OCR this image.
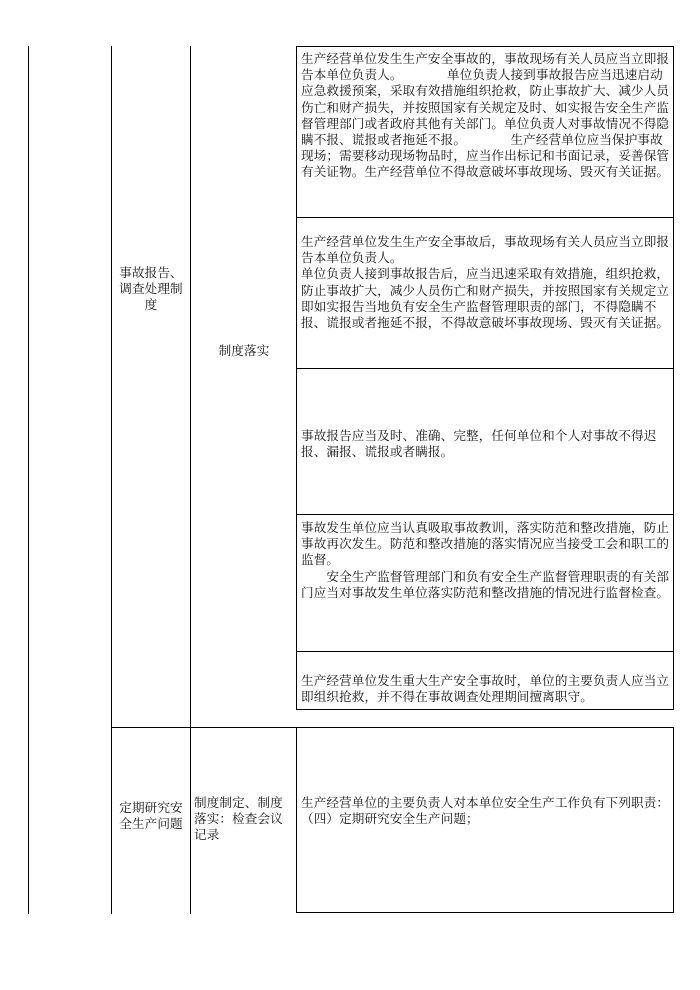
事故报告、调查处理制度

制度落实

生产经营单位发生生产安全事故的，事故现场有关人员应当立即报告本单位负责人。　　　　单位负责人接到事故报告应当迅速启动应急救援预案，采取有效措施组织抢救，防止事故扩大、减少人员伤亡和财产损失，并按照国家有关规定及时、如实报告安全生产监督管理部门或者政府其他有关部门。单位负责人对事故情况不得隐瞒不报、谎报或者拖延不报。　　　　生产经营单位应当保护事故现场；需要移动现场物品时，应当作出标记和书面记录，妥善保管有关证物。生产经营单位不得故意破坏事故现场、毁灭有关证据。

生产经营单位发生生产安全事故后，事故现场有关人员应当立即报告本单位负责人。

单位负责人接到事故报告后，应当迅速采取有效措施，组织抢救，防止事故扩大，减少人员伤亡和财产损失，并按照国家有关规定立即如实报告当地负有安全生产监督管理职责的部门，不得隐瞒不报、谎报或者拖延不报，不得故意破坏事故现场、毁灭有关证据。

事故报告应当及时、准确、完整，任何单位和个人对事故不得迟报、漏报、谎报或者瞒报。

事故发生单位应当认真吸取事故教训，落实防范和整改措施，防止事故再次发生。防范和整改措施的落实情况应当接受工会和职工的监督。

　　安全生产监督管理部门和负有安全生产监督管理职责的有关部门应当对事故发生单位落实防范和整改措施的情况进行监督检查。

生产经营单位发生重大生产安全事故时，单位的主要负责人应当立即组织抢救，并不得在事故调查处理期间擅离职守。

定期研究安全生产问题

制度制定、制度落实：检查会议记录

生产经营单位的主要负责人对本单位安全生产工作负有下列职责：

（四）定期研究安全生产问题；
